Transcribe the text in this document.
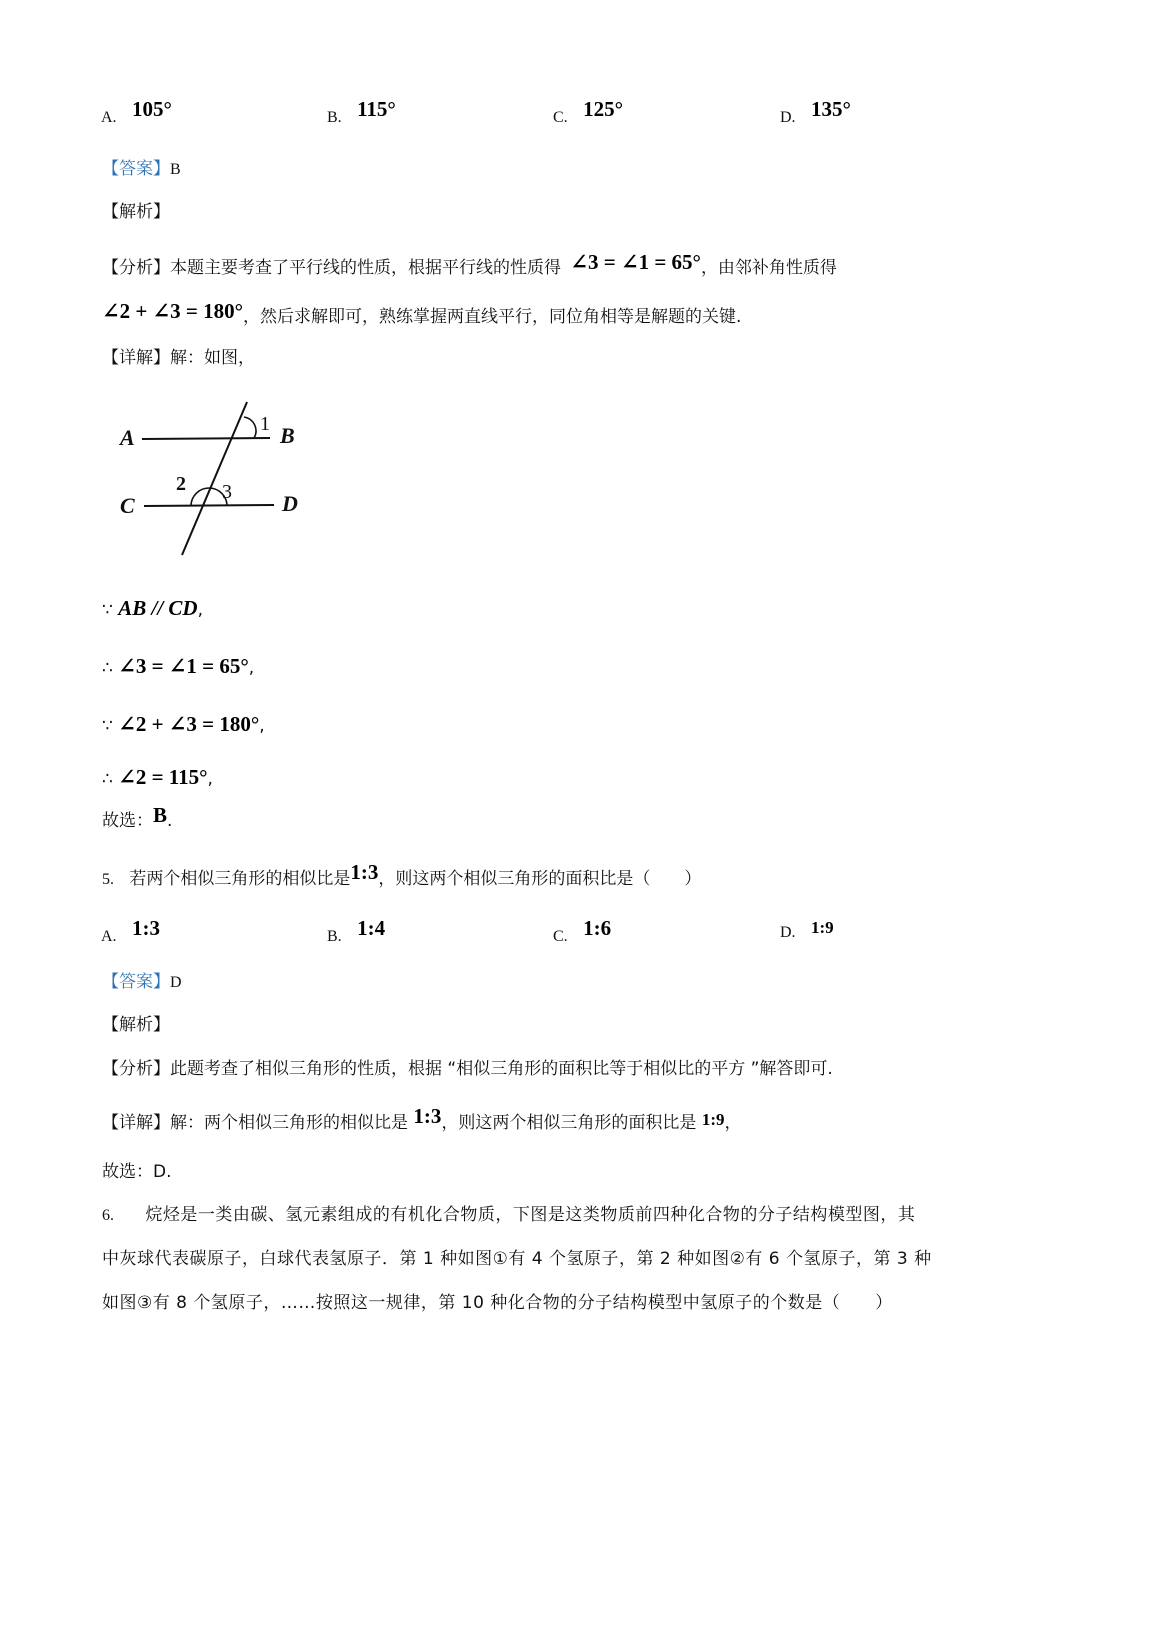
A. 105°	B. 115°	C. 125°	D. 135°
【答案】B
【解析】
【分析】本题主要考查了平行线的性质，根据平行线的性质得 ∠3 = ∠1 = 65°，由邻补角性质得
∠2 + ∠3 = 180°，然后求解即可，熟练掌握两直线平行，同位角相等是解题的关键.
【详解】解：如图，
A	B
C	D
1
2 3
∵ AB // CD,
∴ ∠3 = ∠1 = 65°,
∵ ∠2 + ∠3 = 180°,
∴ ∠2 = 115°,
故选：B.
5. 若两个相似三角形的相似比是1:3，则这两个相似三角形的面积比是（　　）
A. 1:3	B. 1:4	C. 1:6	D. 1:9
【答案】D
【解析】
【分析】此题考查了相似三角形的性质，根据 “相似三角形的面积比等于相似比的平方 ”解答即可.
【详解】解：两个相似三角形的相似比是 1:3，则这两个相似三角形的面积比是 1:9，
故选：D.
6. 烷烃是一类由碳、氢元素组成的有机化合物质，下图是这类物质前四种化合物的分子结构模型图，其
中灰球代表碳原子，白球代表氢原子．第 1 种如图①有 4 个氢原子，第 2 种如图②有 6 个氢原子，第 3 种
如图③有 8 个氢原子，……按照这一规律，第 10 种化合物的分子结构模型中氢原子的个数是（　　）
